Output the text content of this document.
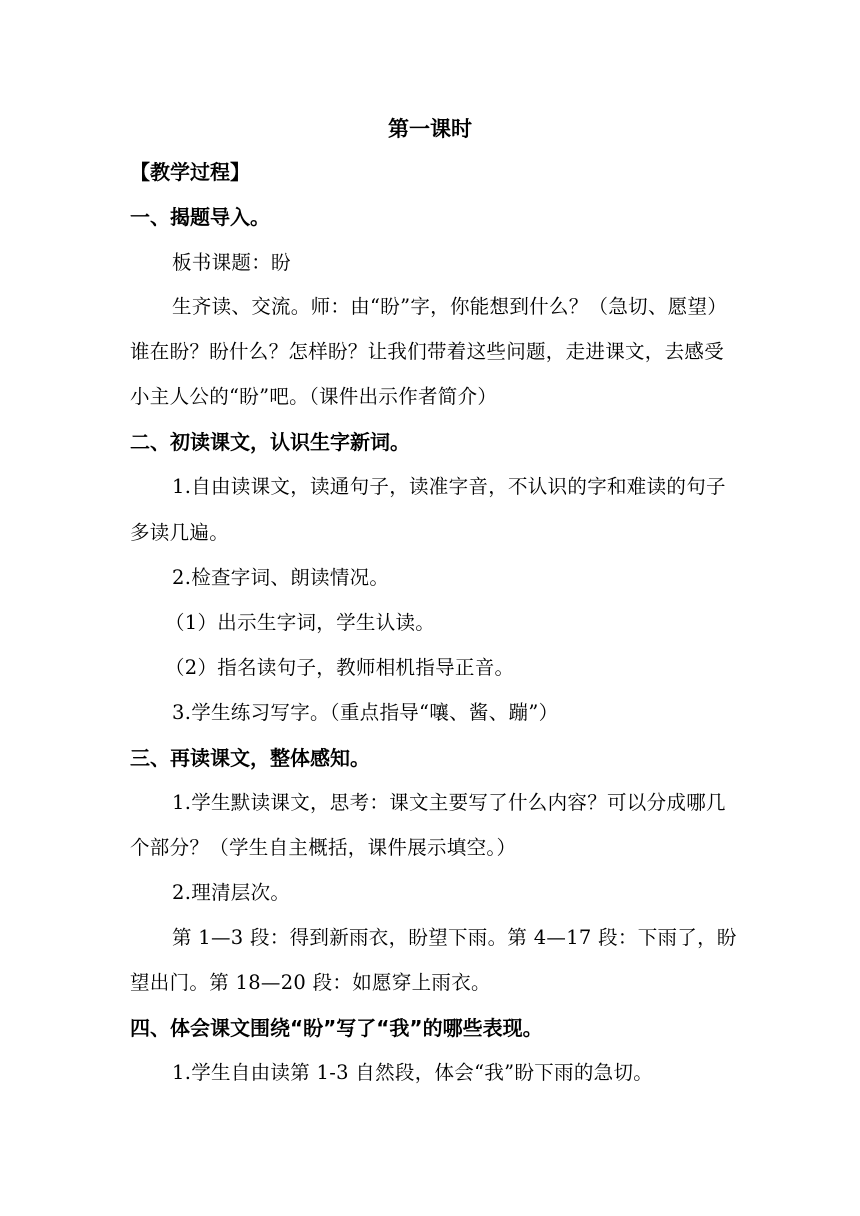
第一课时
【教学过程】
一、揭题导入。
板书课题：盼
生齐读、交流。师：由“盼”字，你能想到什么？（急切、愿望）
谁在盼？盼什么？怎样盼？让我们带着这些问题，走进课文，去感受
小主人公的“盼”吧。（课件出示作者简介）
二、初读课文，认识生字新词。
1.自由读课文，读通句子，读准字音，不认识的字和难读的句子
多读几遍。
2.检查字词、朗读情况。
（1）出示生字词，学生认读。
（2）指名读句子，教师相机指导正音。
3.学生练习写字。（重点指导“嚷、酱、蹦”）
三、再读课文，整体感知。
1.学生默读课文，思考：课文主要写了什么内容？可以分成哪几
个部分？（学生自主概括，课件展示填空。）
2.理清层次。
第 1—3 段：得到新雨衣，盼望下雨。第 4—17 段：下雨了，盼
望出门。第 18—20 段：如愿穿上雨衣。
四、体会课文围绕“盼”写了“我”的哪些表现。
1.学生自由读第 1-3 自然段，体会“我”盼下雨的急切。
